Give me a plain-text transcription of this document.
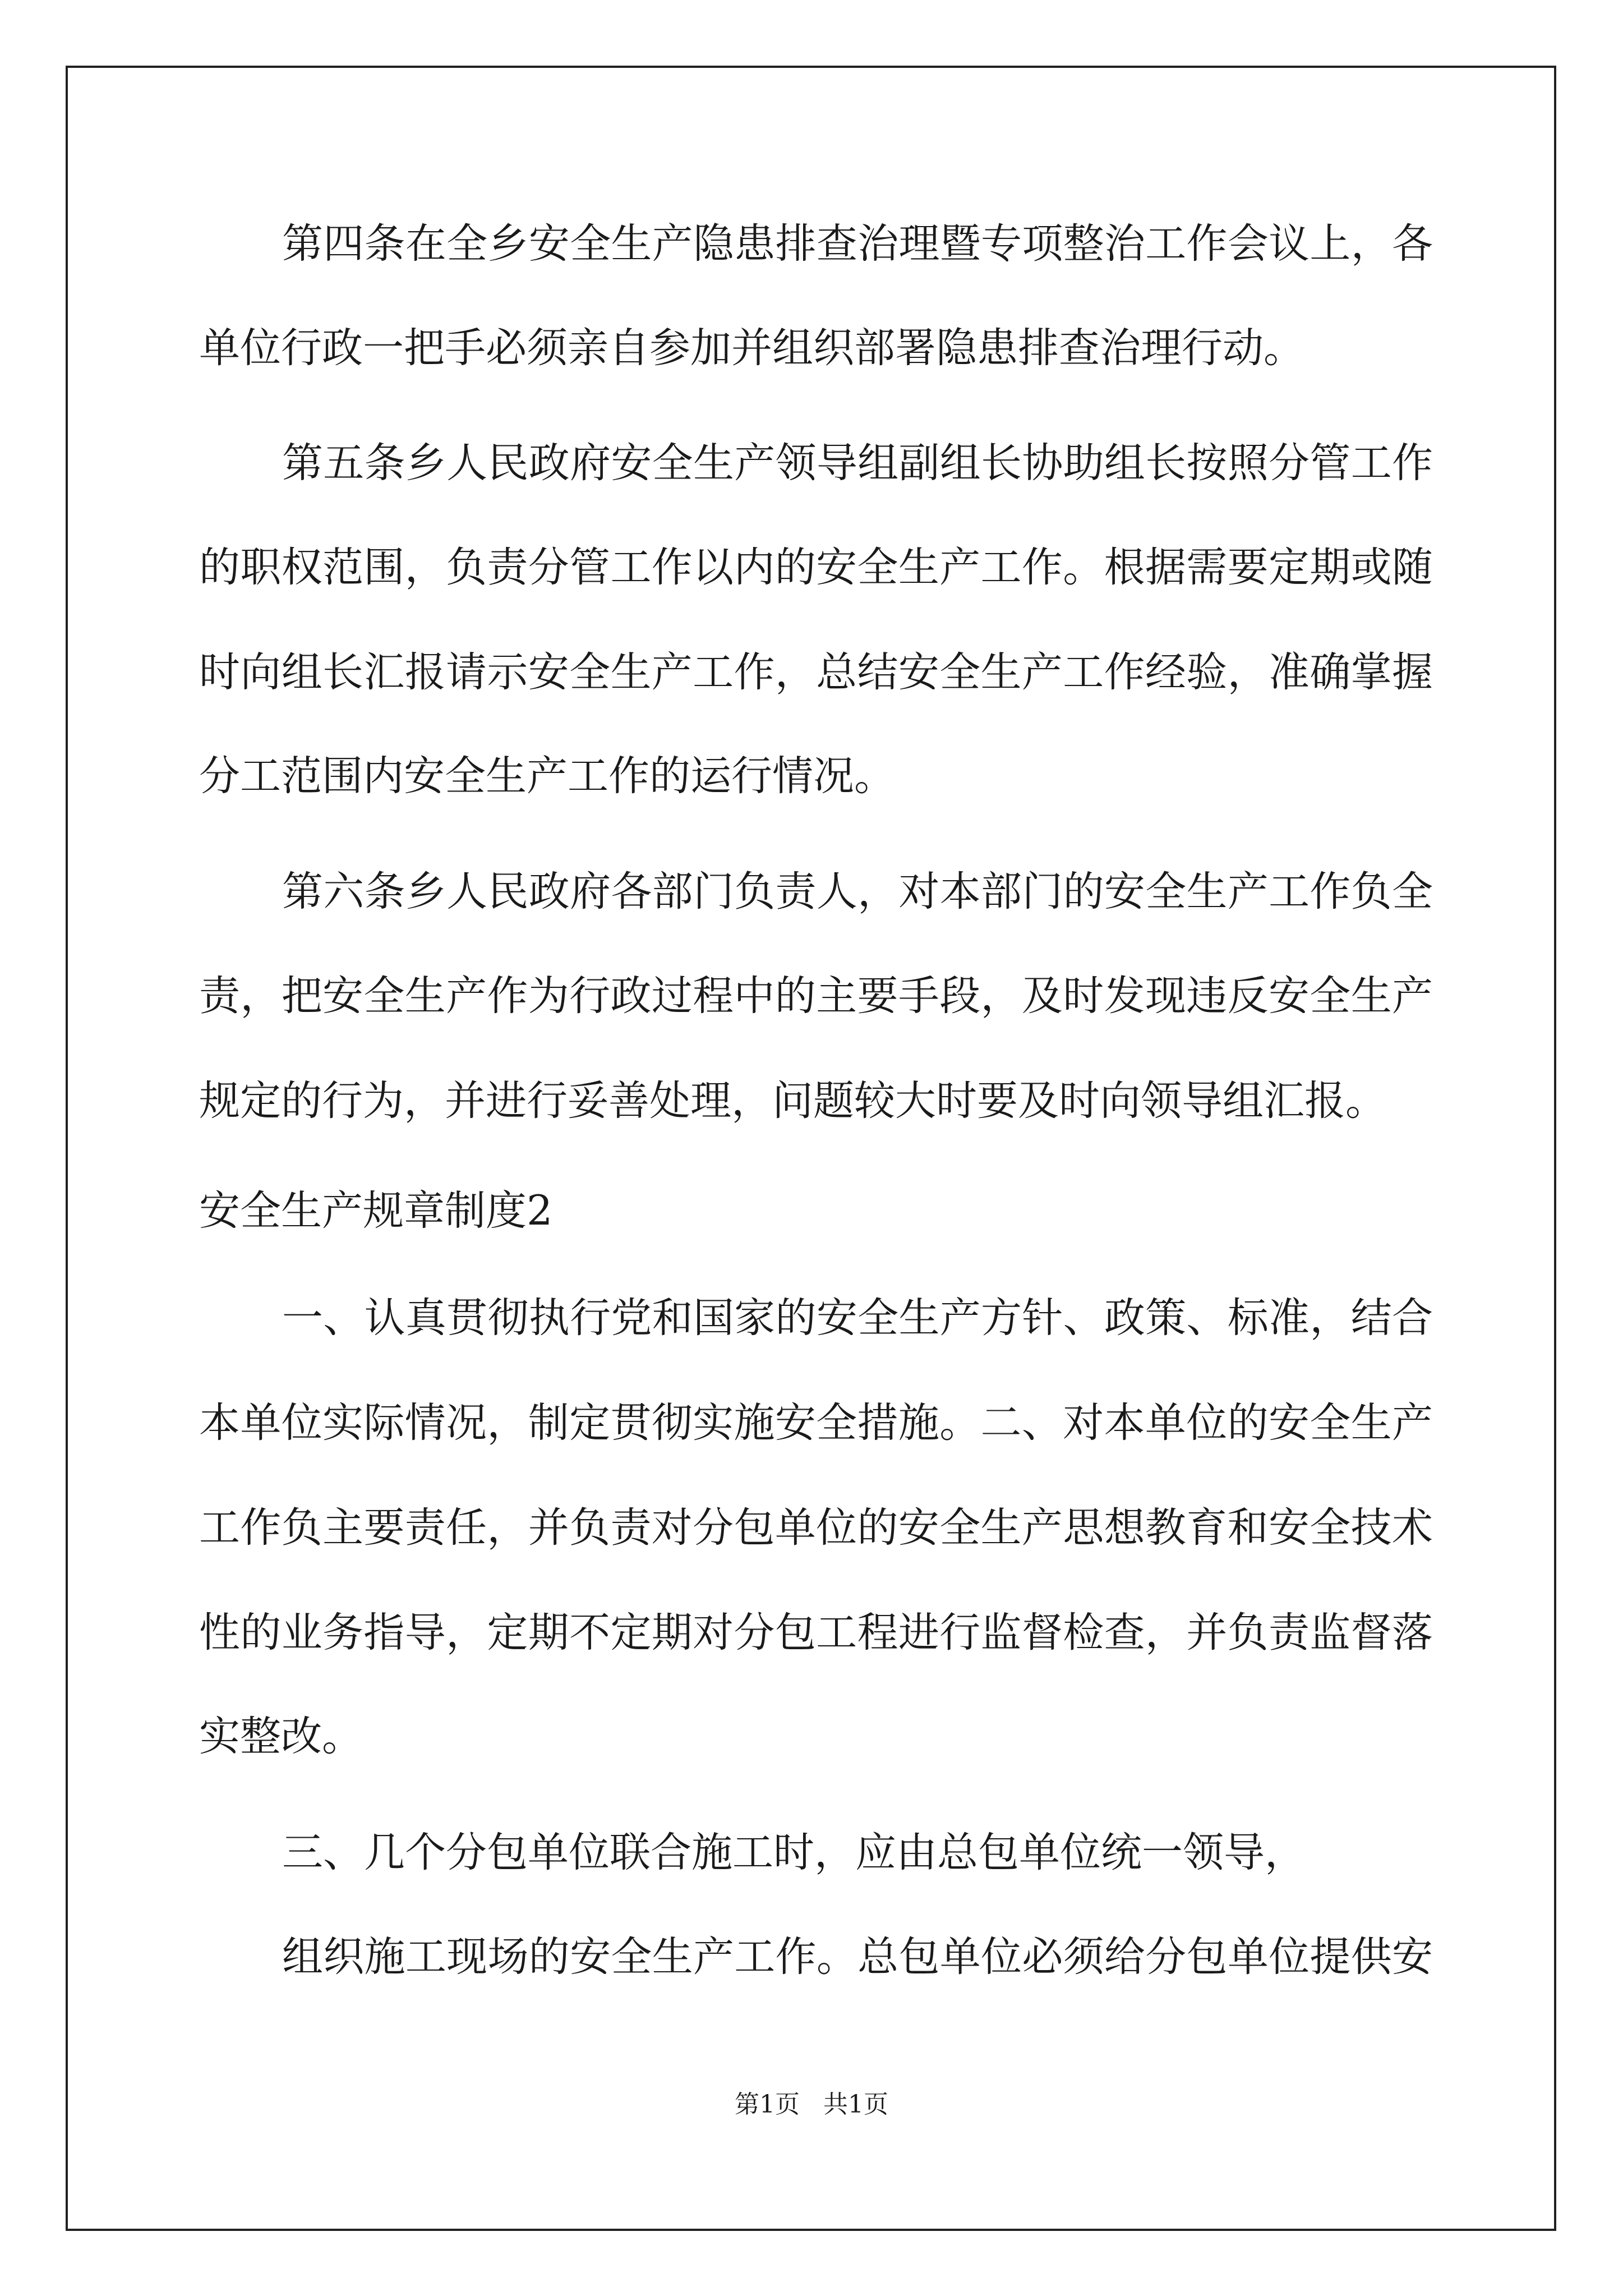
第四条在全乡安全生产隐患排查治理暨专项整治工作会议上，各

单位行政一把手必须亲自参加并组织部署隐患排查治理行动。

第五条乡人民政府安全生产领导组副组长协助组长按照分管工作

的职权范围，负责分管工作以内的安全生产工作。根据需要定期或随

时向组长汇报请示安全生产工作，总结安全生产工作经验，准确掌握

分工范围内安全生产工作的运行情况。

第六条乡人民政府各部门负责人，对本部门的安全生产工作负全

责，把安全生产作为行政过程中的主要手段，及时发现违反安全生产

规定的行为，并进行妥善处理，问题较大时要及时向领导组汇报。

安全生产规章制度2

一、认真贯彻执行党和国家的安全生产方针、政策、标准，结合

本单位实际情况，制定贯彻实施安全措施。二、对本单位的安全生产

工作负主要责任，并负责对分包单位的安全生产思想教育和安全技术

性的业务指导，定期不定期对分包工程进行监督检查，并负责监督落

实整改。

三、几个分包单位联合施工时，应由总包单位统一领导，

组织施工现场的安全生产工作。总包单位必须给分包单位提供安

第1页 共1页
